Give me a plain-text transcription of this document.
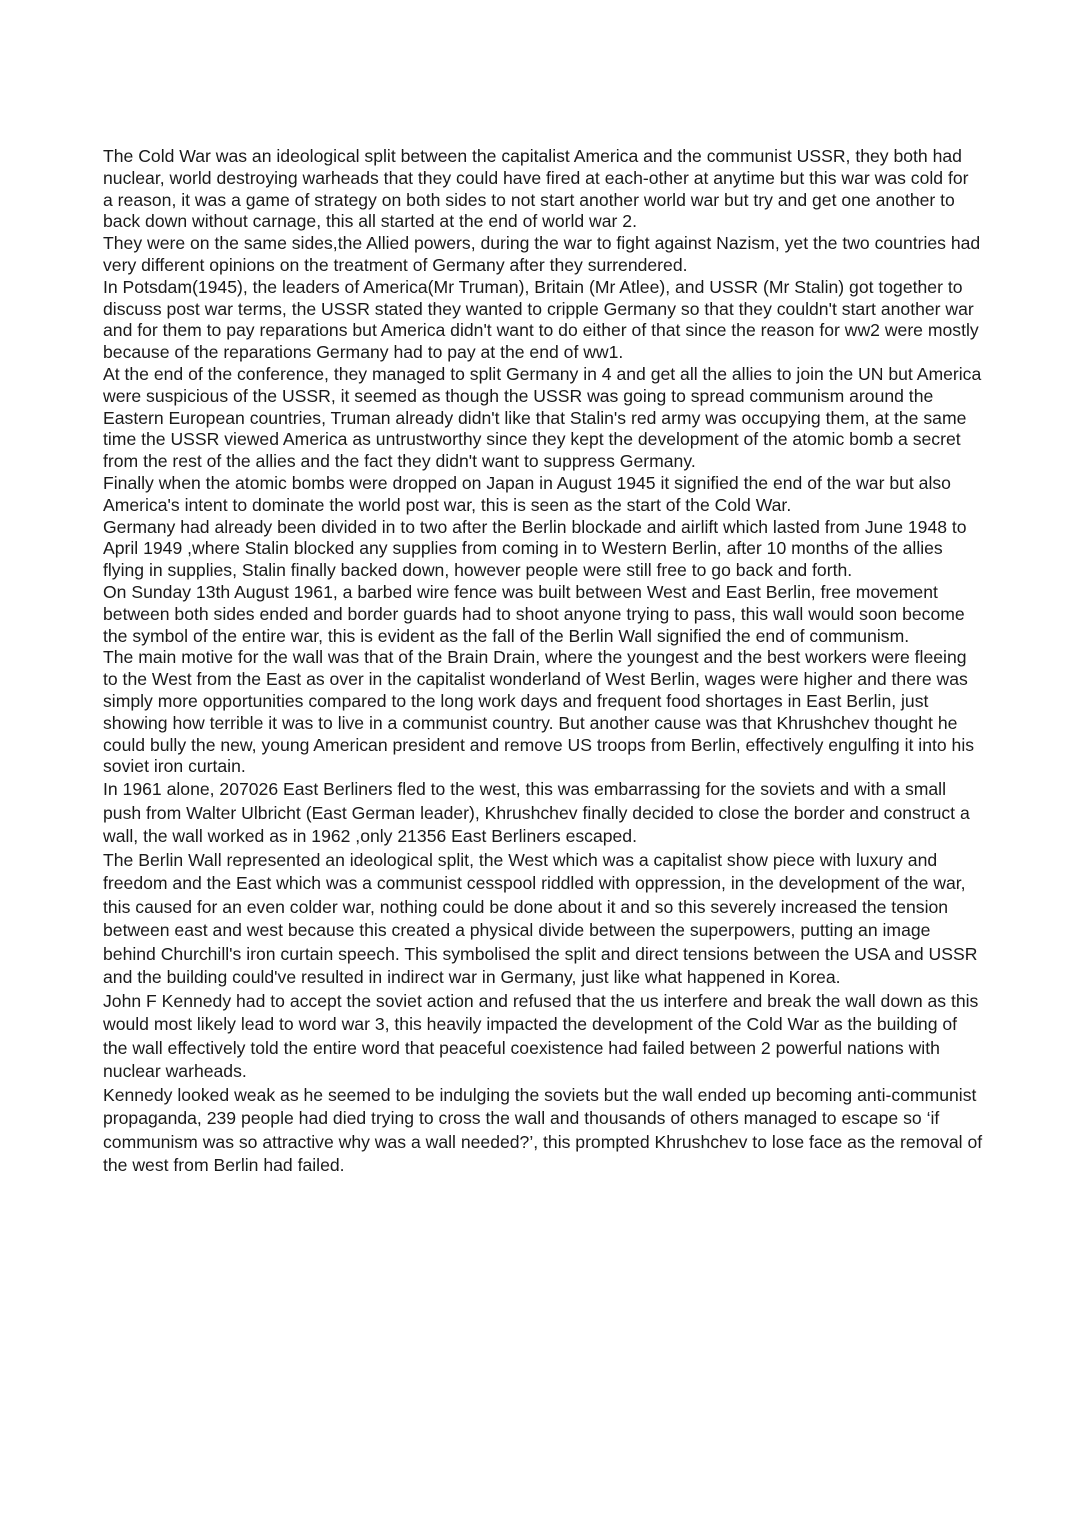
The Cold War was an ideological split between the capitalist America and the communist USSR, they both had nuclear, world destroying warheads that they could have fired at each-other at anytime but this war was cold for a reason, it was a game of strategy on both sides to not start another world war but try and get one another to back down without carnage, this all started at the end of world war 2.

They were on the same sides,the Allied powers, during the war to fight against Nazism, yet the two countries had very different opinions on the treatment of Germany after they surrendered.

In Potsdam(1945), the leaders of America(Mr Truman), Britain (Mr Atlee), and USSR (Mr Stalin) got together to discuss post war terms, the USSR stated they wanted to cripple Germany so that they couldn't start another war and for them to pay reparations but America didn't want to do either of that since the reason for ww2 were mostly because of the reparations Germany had to pay at the end of ww1.

At the end of the conference, they managed to split Germany in 4 and get all the allies to join the UN but America were suspicious of the USSR, it seemed as though the USSR was going to spread communism around the Eastern European countries, Truman already didn't like that Stalin's red army was occupying them, at the same time the USSR viewed America as untrustworthy since they kept the development of the atomic bomb a secret from the rest of the allies and the fact they didn't want to suppress Germany.

Finally when the atomic bombs were dropped on Japan in August 1945 it signified the end of the war but also America's intent to dominate the world post war, this is seen as the start of the Cold War.

Germany had already been divided in to two after the Berlin blockade and airlift which lasted from June 1948 to April 1949 ,where Stalin blocked any supplies from coming in to Western Berlin, after 10 months of the allies flying in supplies, Stalin finally backed down, however people were still free to go back and forth.

On Sunday 13th August 1961, a barbed wire fence was built between West and East Berlin, free movement between both sides ended and border guards had to shoot anyone trying to pass, this wall would soon become the symbol of the entire war, this is evident as the fall of the Berlin Wall signified the end of communism.

The main motive for the wall was that of the Brain Drain, where the youngest and the best workers were fleeing to the West from the East as over in the capitalist wonderland of West Berlin, wages were higher and there was simply more opportunities compared to the long work days and frequent food shortages in East Berlin, just showing how terrible it was to live in a communist country. But another cause was that Khrushchev thought he could bully the new, young American president and remove US troops from Berlin, effectively engulfing it into his soviet iron curtain.

In 1961 alone, 207026 East Berliners fled to the west, this was embarrassing for the soviets and with a small push from Walter Ulbricht (East German leader), Khrushchev finally decided to close the border and construct a wall, the wall worked as in 1962 ,only 21356 East Berliners escaped.

The Berlin Wall represented an ideological split, the West which was a capitalist show piece with luxury and freedom and the East which was a communist cesspool riddled with oppression, in the development of the war, this caused for an even colder war, nothing could be done about it and so this severely increased the tension between east and west because this created a physical divide between the superpowers, putting an image behind Churchill's iron curtain speech. This symbolised the split and direct tensions between the USA and USSR and the building could've resulted in indirect war in Germany, just like what happened in Korea.

John F Kennedy had to accept the soviet action and refused that the us interfere and break the wall down as this would most likely lead to word war 3, this heavily impacted the development of the Cold War as the building of the wall effectively told the entire word that peaceful coexistence had failed between 2 powerful nations with nuclear warheads.

Kennedy looked weak as he seemed to be indulging the soviets but the wall ended up becoming anti-communist propaganda, 239 people had died trying to cross the wall and thousands of others managed to escape so ‘if communism was so attractive why was a wall needed?’, this prompted Khrushchev to lose face as the removal of the west from Berlin had failed.
